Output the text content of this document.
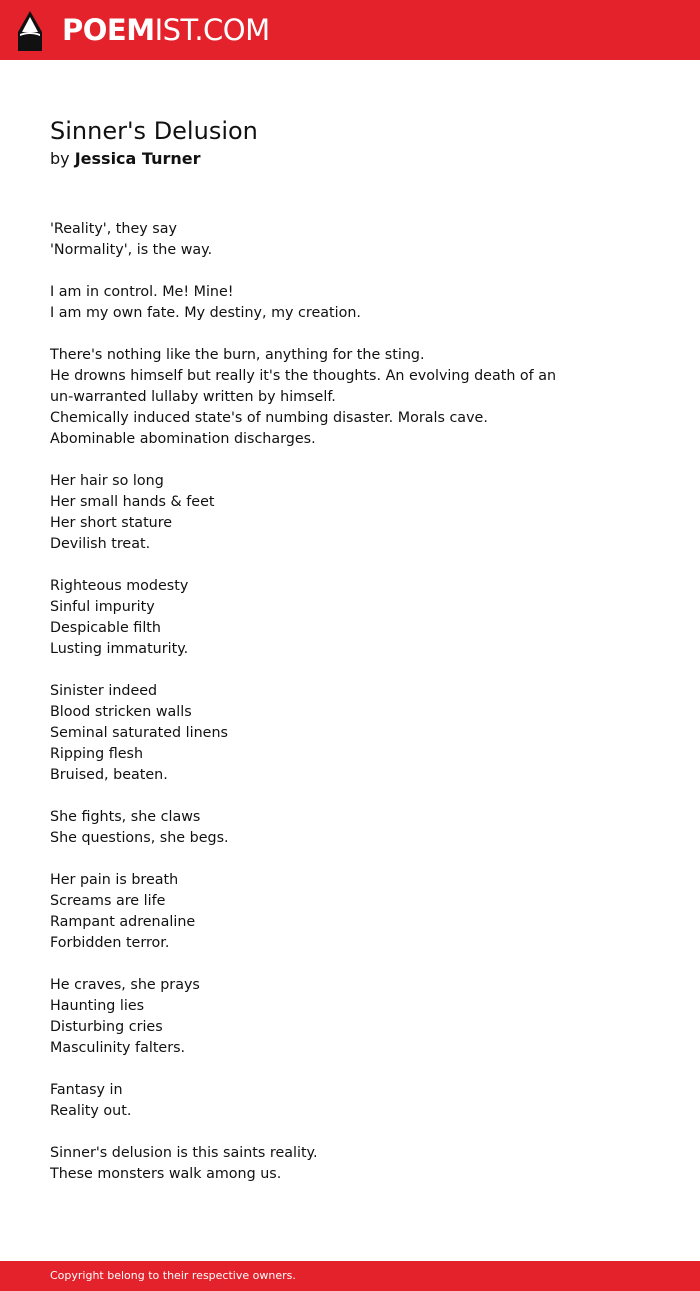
POEMIST.COM
Sinner's Delusion
by Jessica Turner
'Reality', they say
'Normality', is the way.
I am in control. Me! Mine!
I am my own fate. My destiny, my creation.
There's nothing like the burn, anything for the sting.
He drowns himself but really it's the thoughts. An evolving death of an
un-warranted lullaby written by himself.
Chemically induced state's of numbing disaster. Morals cave.
Abominable abomination discharges.
Her hair so long
Her small hands & feet
Her short stature
Devilish treat.
Righteous modesty
Sinful impurity
Despicable filth
Lusting immaturity.
Sinister indeed
Blood stricken walls
Seminal saturated linens
Ripping flesh
Bruised, beaten.
She fights, she claws
She questions, she begs.
Her pain is breath
Screams are life
Rampant adrenaline
Forbidden terror.
He craves, she prays
Haunting lies
Disturbing cries
Masculinity falters.
Fantasy in
Reality out.
Sinner's delusion is this saints reality.
These monsters walk among us.
Copyright belong to their respective owners.
